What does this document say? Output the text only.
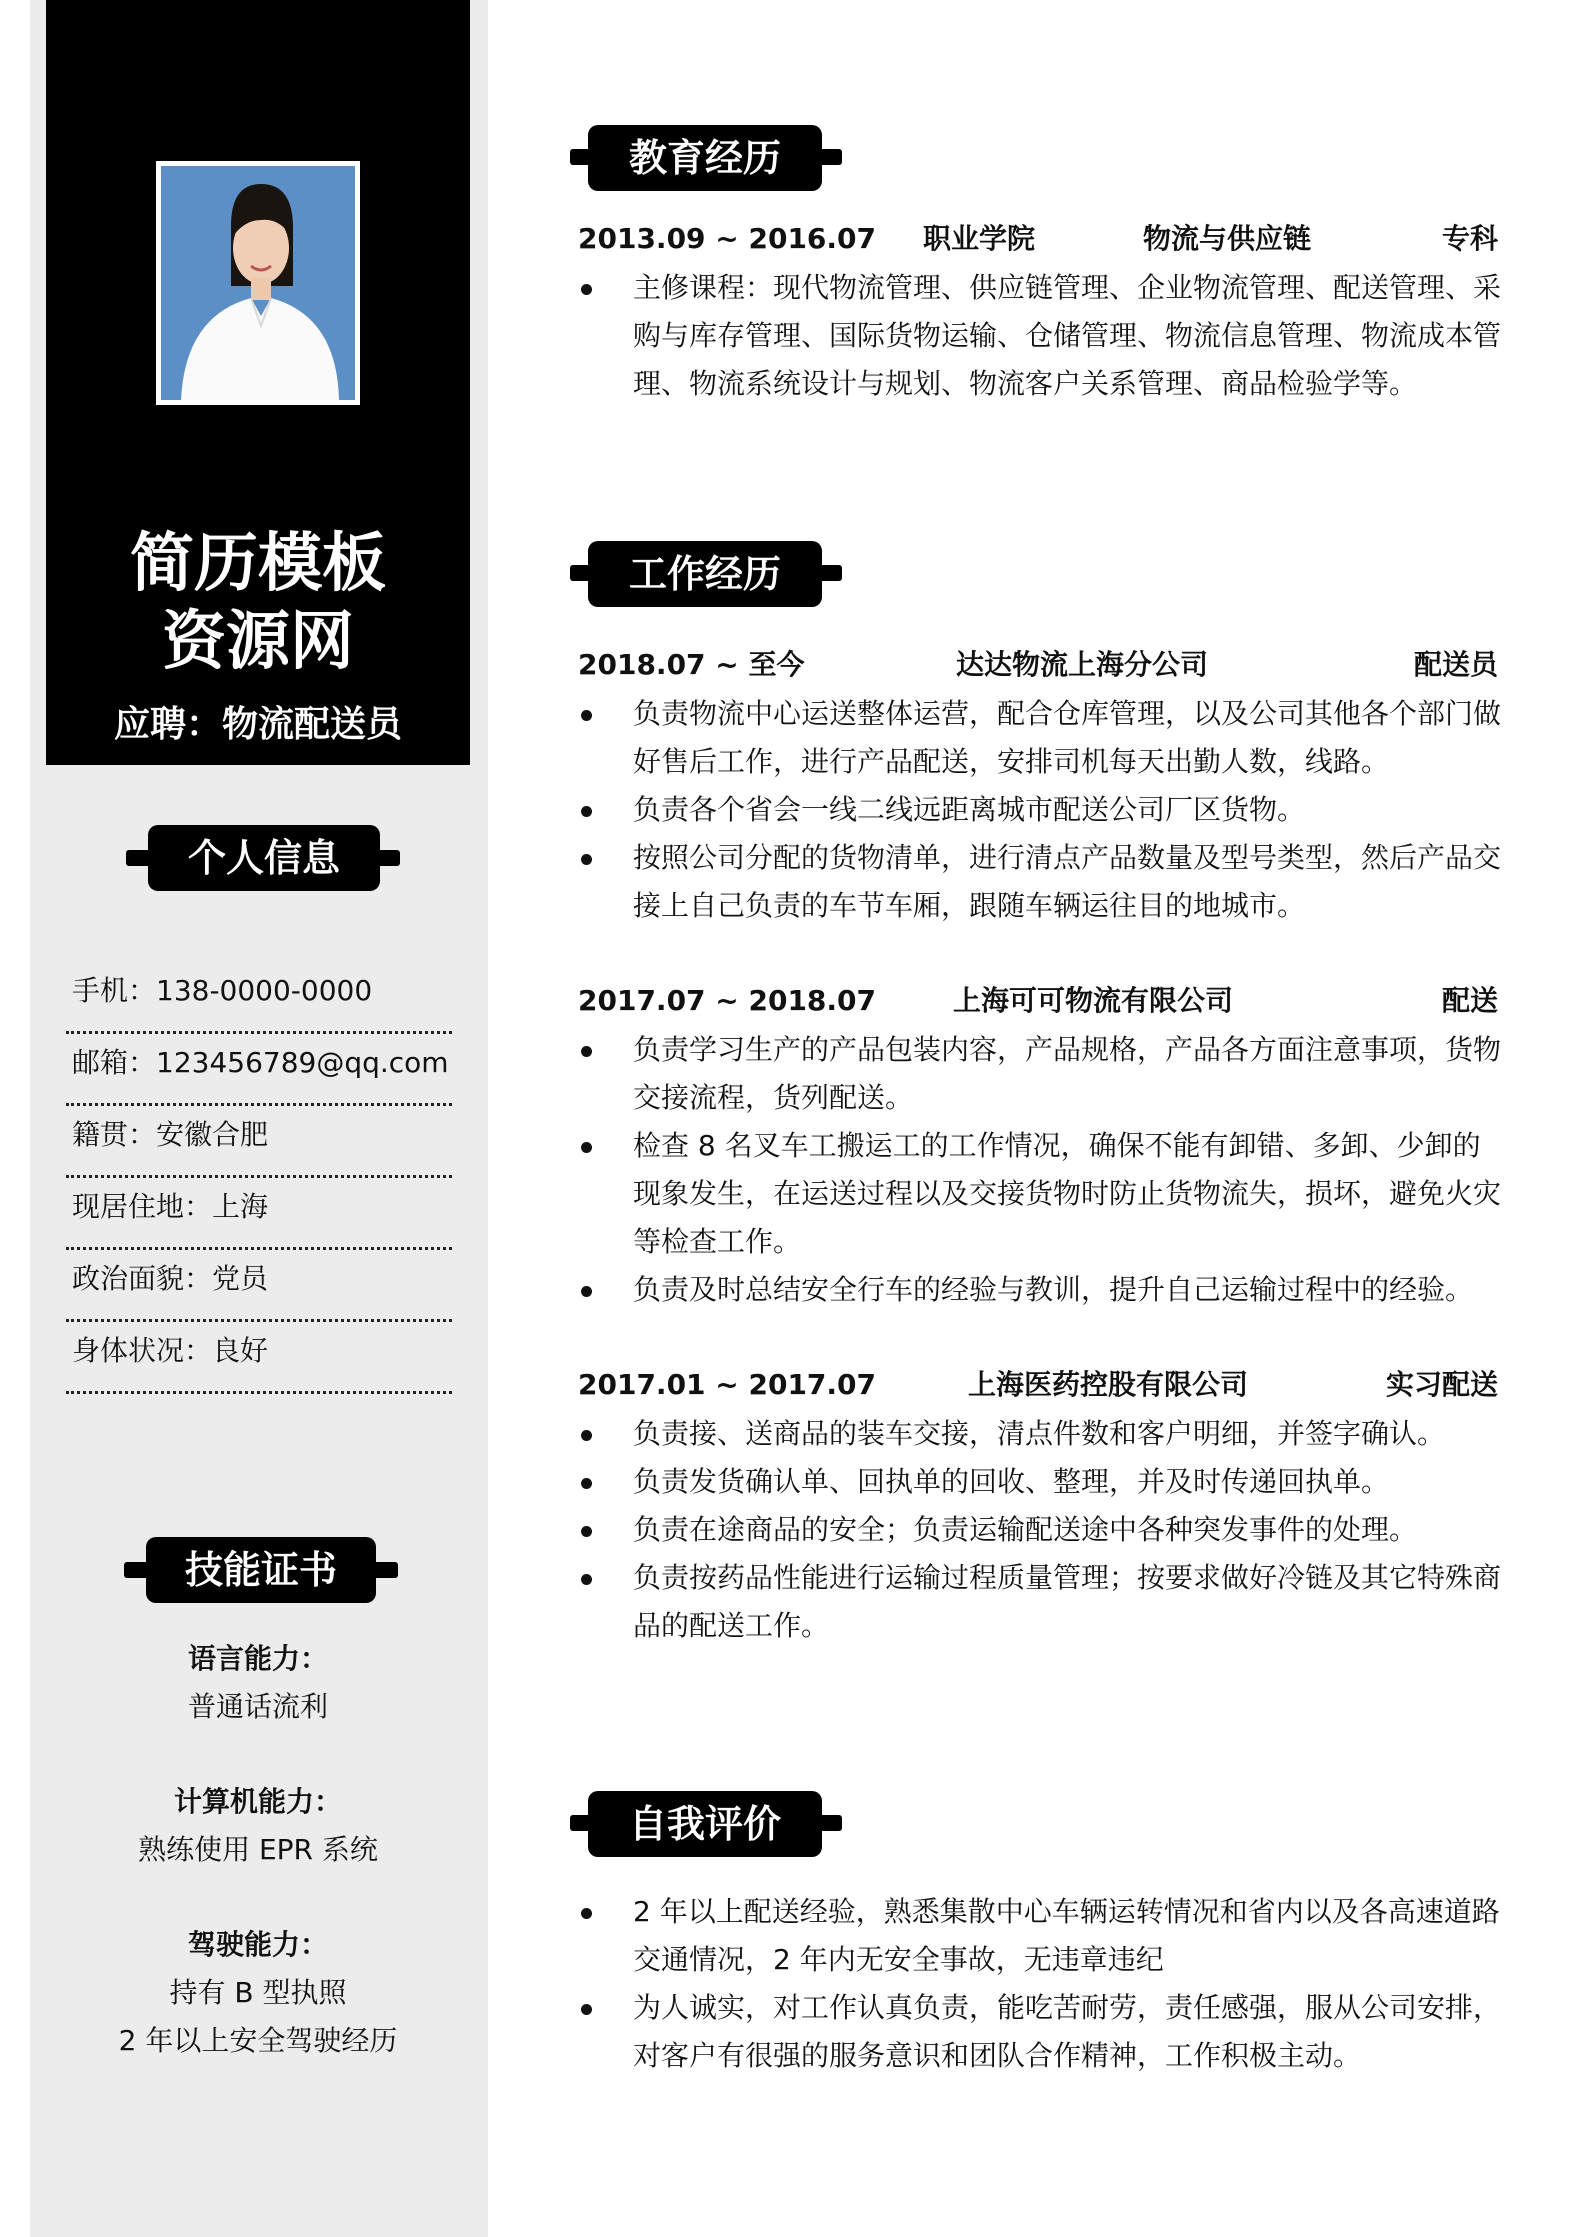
简历模板
资源网
应聘：物流配送员
个人信息
手机：138-0000-0000
邮箱：123456789@qq.com
籍贯：安徽合肥
现居住地：上海
政治面貌：党员
身体状况：良好
技能证书
语言能力：
普通话流利
计算机能力：
熟练使用 EPR 系统
驾驶能力：
持有 B 型执照
2 年以上安全驾驶经历
教育经历
2013.09 ~ 2016.07 职业学院	物流与供应链	专科
主修课程：现代物流管理、供应链管理、企业物流管理、配送管理、采购与库存管理、国际货物运输、仓储管理、物流信息管理、物流成本管理、物流系统设计与规划、物流客户关系管理、商品检验学等。
工作经历
2018.07 ~ 至今	达达物流上海分公司	配送员
负责物流中心运送整体运营，配合仓库管理，以及公司其他各个部门做好售后工作，进行产品配送，安排司机每天出勤人数，线路。
负责各个省会一线二线远距离城市配送公司厂区货物。
按照公司分配的货物清单，进行清点产品数量及型号类型，然后产品交接上自己负责的车节车厢，跟随车辆运往目的地城市。
2017.07 ~ 2018.07	上海可可物流有限公司	配送
负责学习生产的产品包装内容，产品规格，产品各方面注意事项，货物交接流程，货列配送。
检查 8 名叉车工搬运工的工作情况，确保不能有卸错、多卸、少卸的现象发生，在运送过程以及交接货物时防止货物流失，损坏，避免火灾等检查工作。
负责及时总结安全行车的经验与教训，提升自己运输过程中的经验。
2017.01 ~ 2017.07	上海医药控股有限公司	实习配送
负责接、送商品的装车交接，清点件数和客户明细，并签字确认。
负责发货确认单、回执单的回收、整理，并及时传递回执单。
负责在途商品的安全；负责运输配送途中各种突发事件的处理。
负责按药品性能进行运输过程质量管理；按要求做好冷链及其它特殊商品的配送工作。
自我评价
2 年以上配送经验，熟悉集散中心车辆运转情况和省内以及各高速道路交通情况，2 年内无安全事故，无违章违纪
为人诚实，对工作认真负责，能吃苦耐劳，责任感强，服从公司安排，对客户有很强的服务意识和团队合作精神，工作积极主动。
